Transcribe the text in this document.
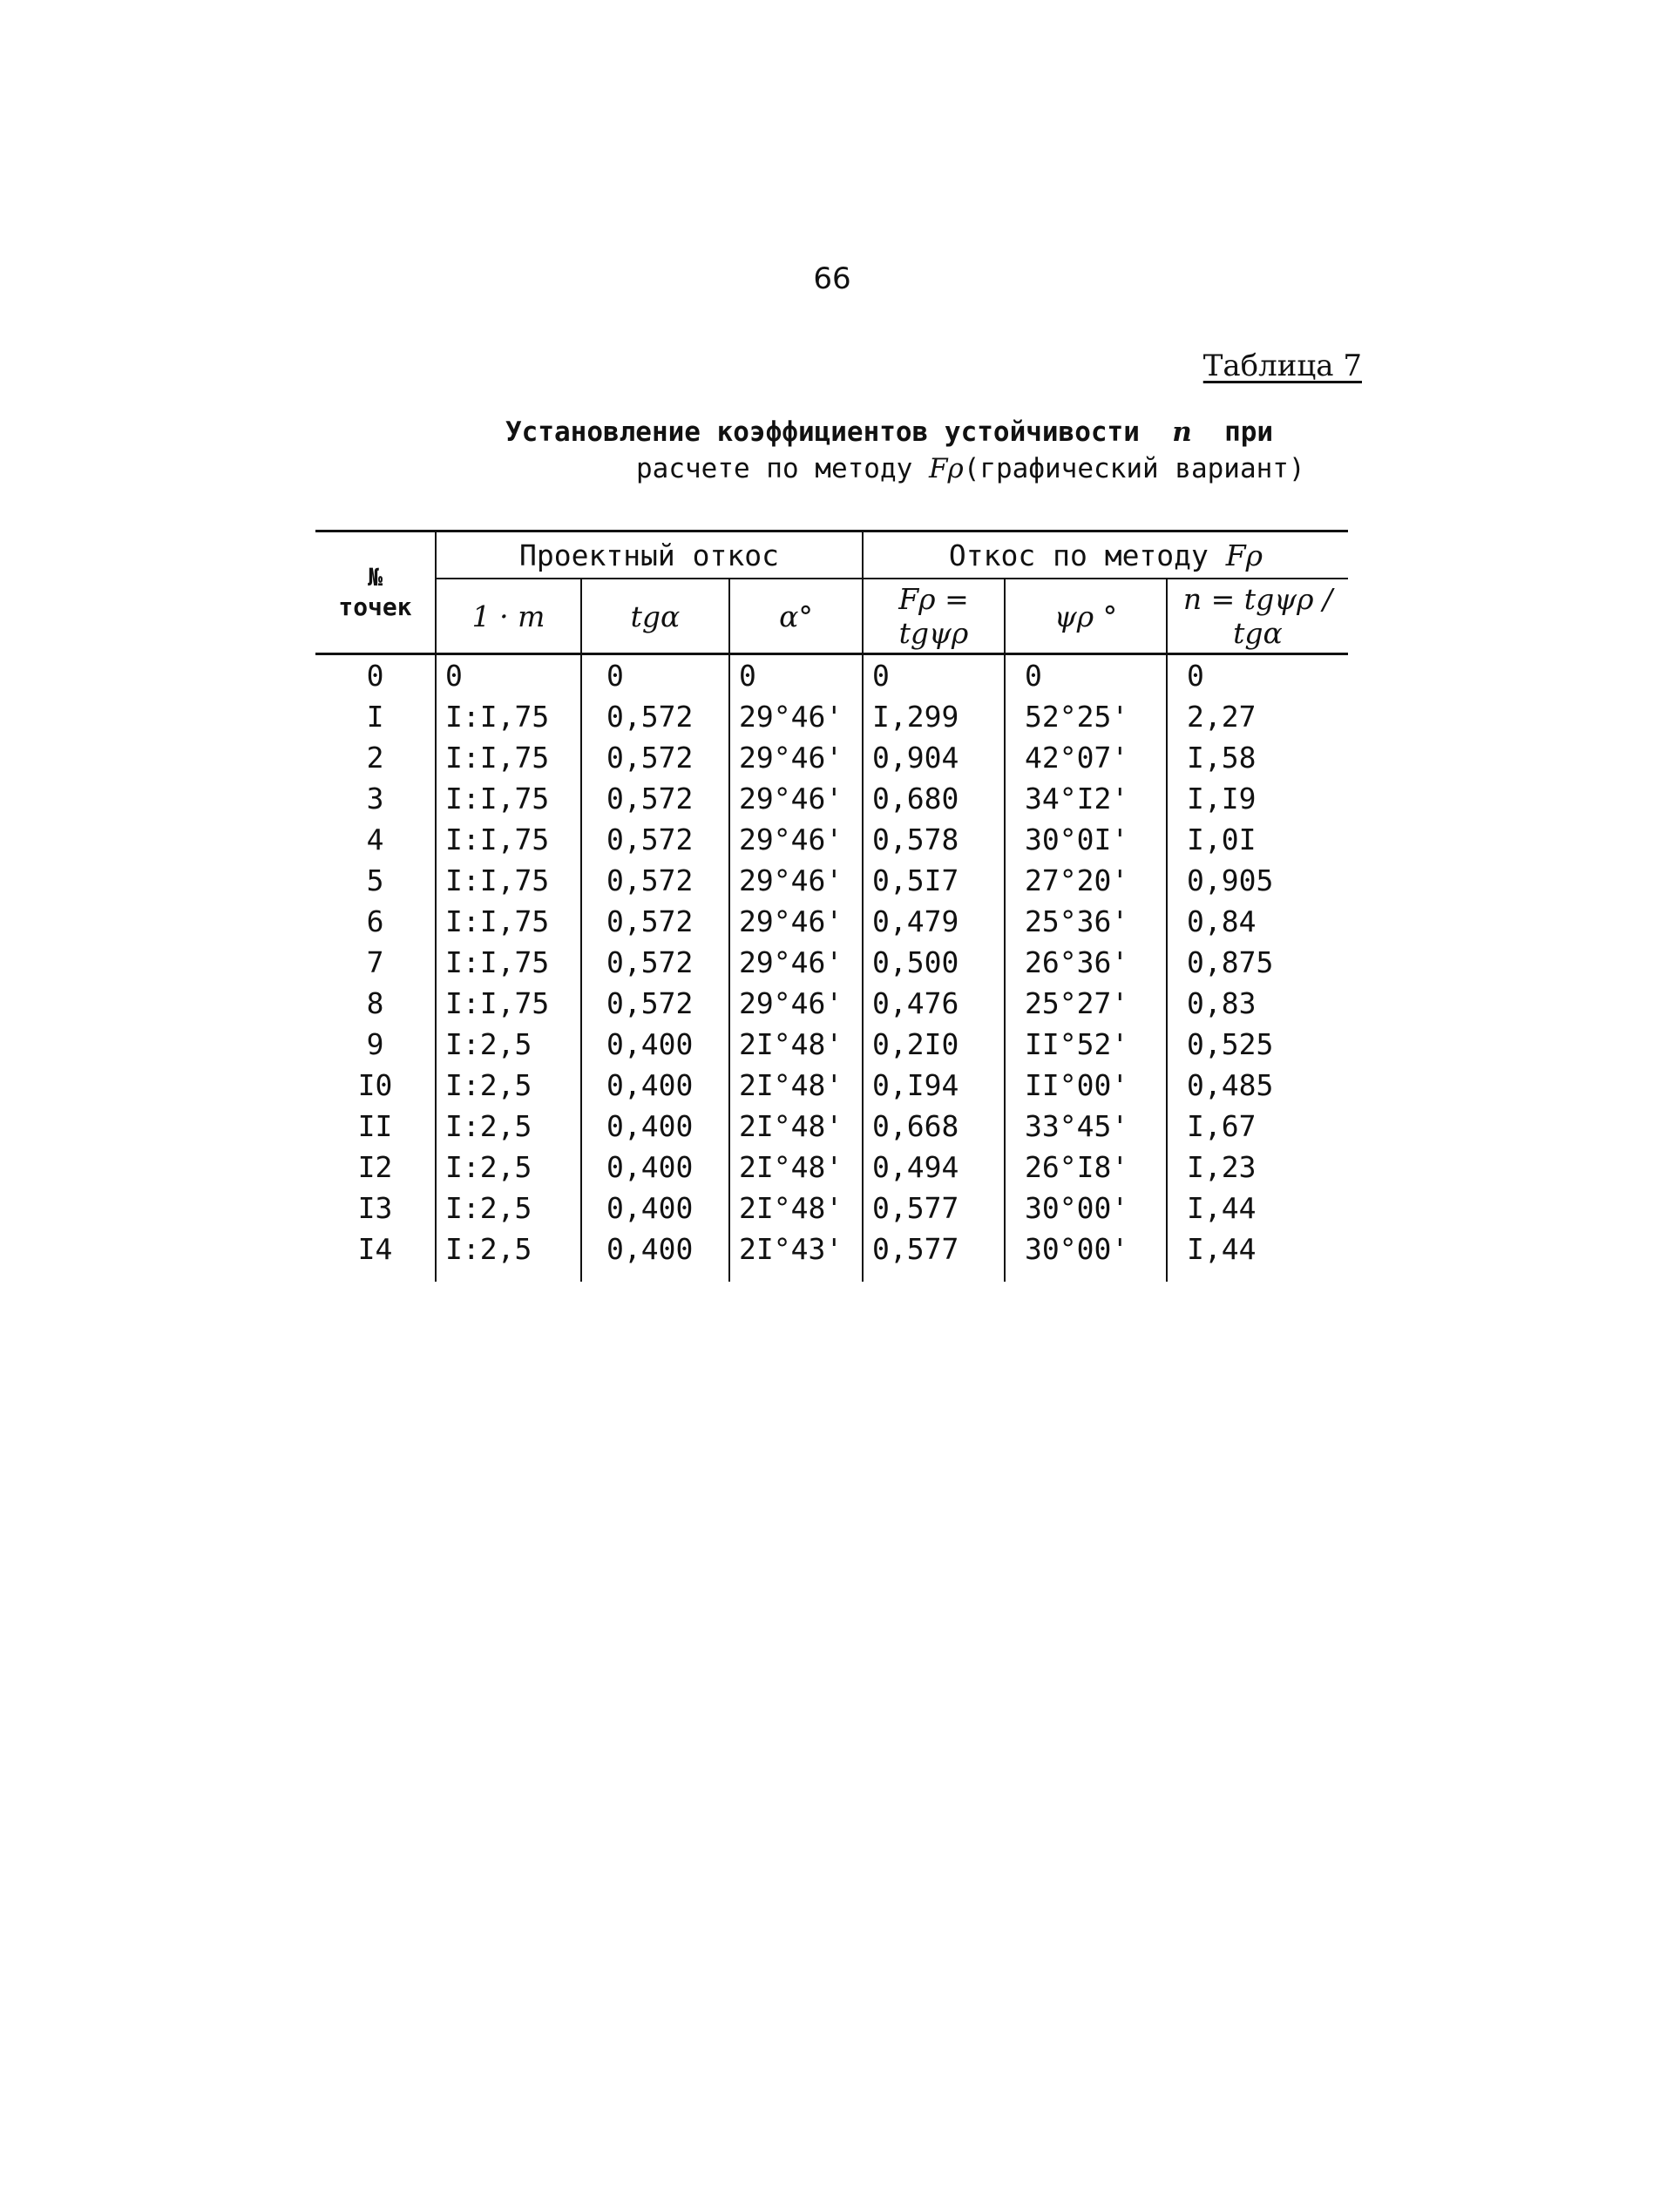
66
Таблица 7
Установление коэффициентов устойчивости n при
расчете по методу Fρ(графический вариант)
№
точек	Проектный откос			Откос по методу Fρ		
	1 · m	tgα	α°	Fρ = tgψρ	ψρ °	n = tgψρ / tgα
0	0	0	0	0	0	0
I	I:I,75	0,572	29°46'	I,299	52°25'	2,27
2	I:I,75	0,572	29°46'	0,904	42°07'	I,58
3	I:I,75	0,572	29°46'	0,680	34°I2'	I,I9
4	I:I,75	0,572	29°46'	0,578	30°0I'	I,0I
5	I:I,75	0,572	29°46'	0,5I7	27°20'	0,905
6	I:I,75	0,572	29°46'	0,479	25°36'	0,84
7	I:I,75	0,572	29°46'	0,500	26°36'	0,875
8	I:I,75	0,572	29°46'	0,476	25°27'	0,83
9	I:2,5	0,400	2I°48'	0,2I0	II°52'	0,525
I0	I:2,5	0,400	2I°48'	0,I94	II°00'	0,485
II	I:2,5	0,400	2I°48'	0,668	33°45'	I,67
I2	I:2,5	0,400	2I°48'	0,494	26°I8'	I,23
I3	I:2,5	0,400	2I°48'	0,577	30°00'	I,44
I4	I:2,5	0,400	2I°43'	0,577	30°00'	I,44
